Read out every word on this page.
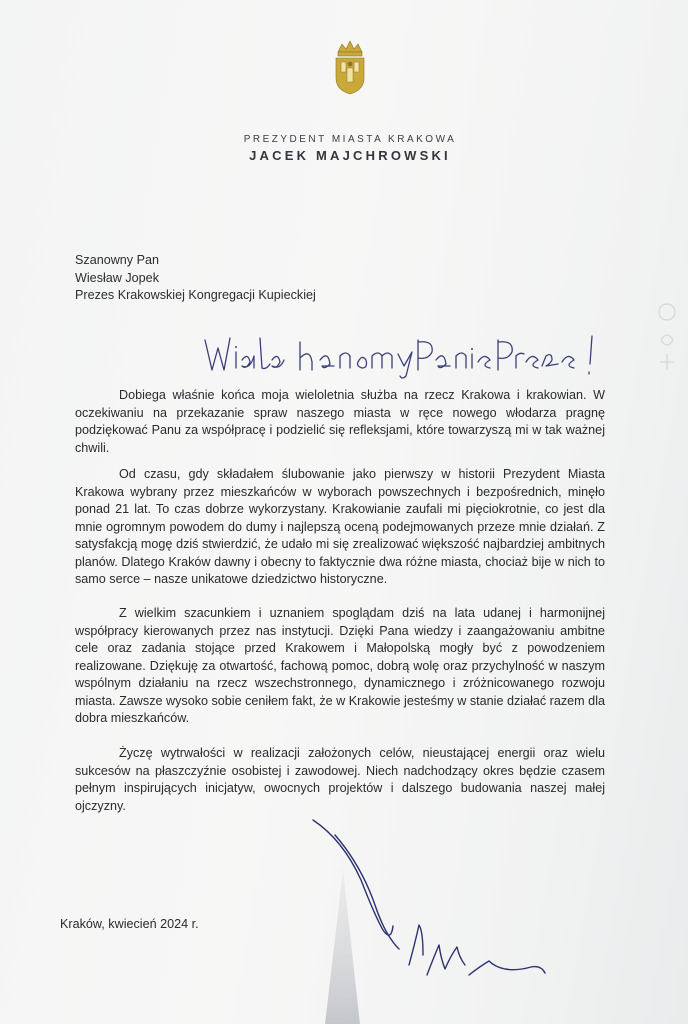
PREZYDENT MIASTA KRAKOWA
JACEK MAJCHROWSKI
Szanowny Pan
Wiesław Jopek
Prezes Krakowskiej Kongregacji Kupieckiej

Dobiega właśnie końca moja wieloletnia służba na rzecz Krakowa i krakowian. W oczekiwaniu na przekazanie spraw naszego miasta w ręce nowego włodarza pragnę podziękować Panu za współpracę i podzielić się refleksjami, które towarzyszą mi w tak ważnej chwili.

Od czasu, gdy składałem ślubowanie jako pierwszy w historii Prezydent Miasta Krakowa wybrany przez mieszkańców w wyborach powszechnych i bezpośrednich, minęło ponad 21 lat. To czas dobrze wykorzystany. Krakowianie zaufali mi pięciokrotnie, co jest dla mnie ogromnym powodem do dumy i najlepszą oceną podejmowanych przeze mnie działań. Z satysfakcją mogę dziś stwierdzić, że udało mi się zrealizować większość najbardziej ambitnych planów. Dlatego Kraków dawny i obecny to faktycznie dwa różne miasta, chociaż bije w nich to samo serce – nasze unikatowe dziedzictwo historyczne.

Z wielkim szacunkiem i uznaniem spoglądam dziś na lata udanej i harmonijnej współpracy kierowanych przez nas instytucji. Dzięki Pana wiedzy i zaangażowaniu ambitne cele oraz zadania stojące przed Krakowem i Małopolską mogły być z powodzeniem realizowane. Dziękuję za otwartość, fachową pomoc, dobrą wolę oraz przychylność w naszym wspólnym działaniu na rzecz wszechstronnego, dynamicznego i zróżnicowanego rozwoju miasta. Zawsze wysoko sobie ceniłem fakt, że w Krakowie jesteśmy w stanie działać razem dla dobra mieszkańców.

Życzę wytrwałości w realizacji założonych celów, nieustającej energii oraz wielu sukcesów na płaszczyźnie osobistej i zawodowej. Niech nadchodzący okres będzie czasem pełnym inspirujących inicjatyw, owocnych projektów i dalszego budowania naszej małej ojczyzny.

Kraków, kwiecień 2024 r.
